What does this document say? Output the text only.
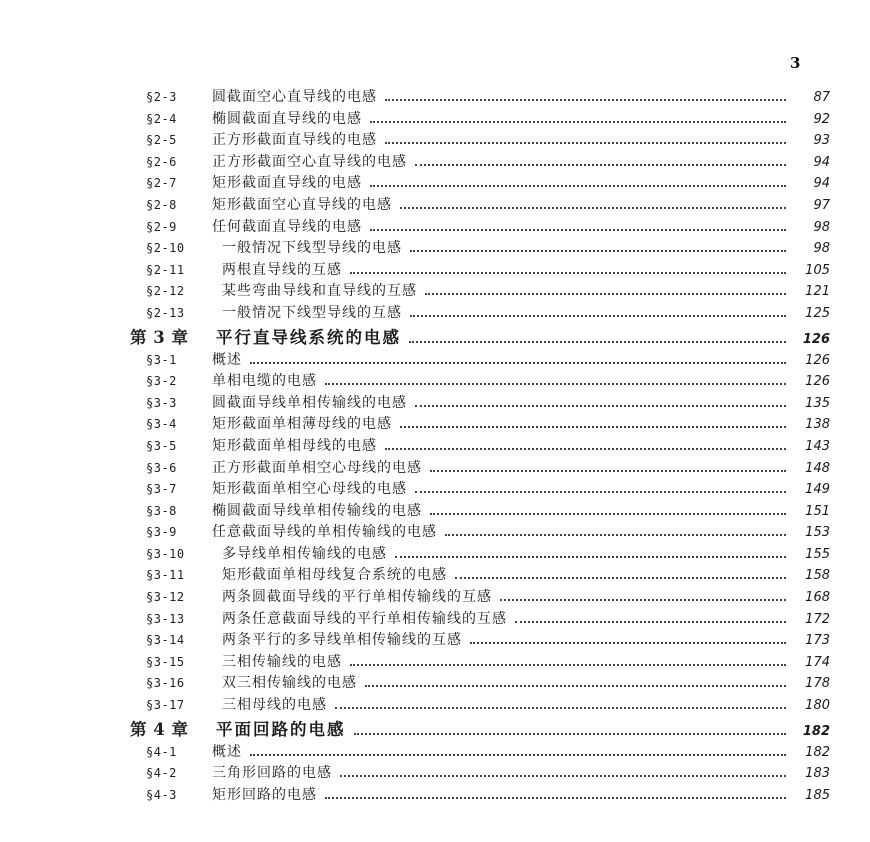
3
§2-3	圆截面空心直导线的电感	87
§2-4	椭圆截面直导线的电感	92
§2-5	正方形截面直导线的电感	93
§2-6	正方形截面空心直导线的电感	94
§2-7	矩形截面直导线的电感	94
§2-8	矩形截面空心直导线的电感	97
§2-9	任何截面直导线的电感	98
§2-10	一般情况下线型导线的电感	98
§2-11	两根直导线的互感	105
§2-12	某些弯曲导线和直导线的互感	121
§2-13	一般情况下线型导线的互感	125
第 3 章	平行直导线系统的电感	126
§3-1	概述	126
§3-2	单相电缆的电感	126
§3-3	圆截面导线单相传输线的电感	135
§3-4	矩形截面单相薄母线的电感	138
§3-5	矩形截面单相母线的电感	143
§3-6	正方形截面单相空心母线的电感	148
§3-7	矩形截面单相空心母线的电感	149
§3-8	椭圆截面导线单相传输线的电感	151
§3-9	任意截面导线的单相传输线的电感	153
§3-10	多导线单相传输线的电感	155
§3-11	矩形截面单相母线复合系统的电感	158
§3-12	两条圆截面导线的平行单相传输线的互感	168
§3-13	两条任意截面导线的平行单相传输线的互感	172
§3-14	两条平行的多导线单相传输线的互感	173
§3-15	三相传输线的电感	174
§3-16	双三相传输线的电感	178
§3-17	三相母线的电感	180
第 4 章	平面回路的电感	182
§4-1	概述	182
§4-2	三角形回路的电感	183
§4-3	矩形回路的电感	185
